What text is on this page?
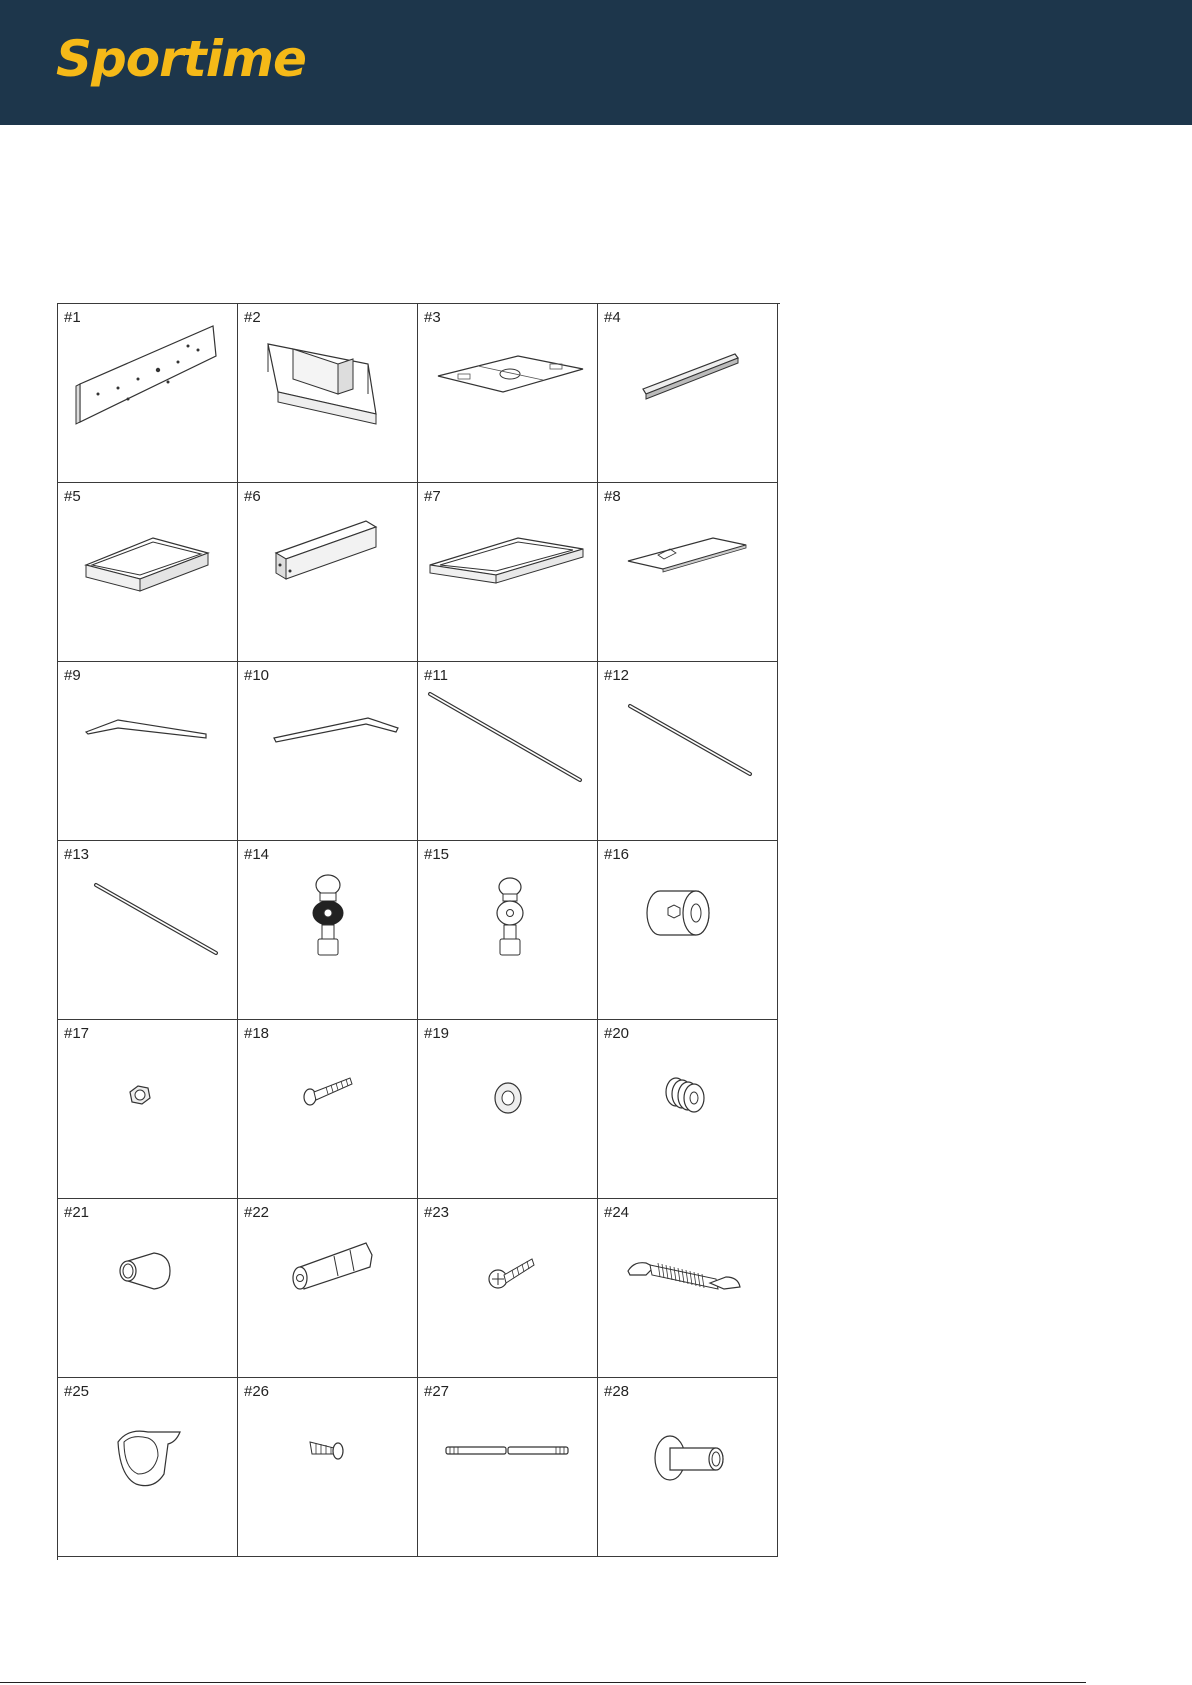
Sportime
#1	#2	#3	#4
#5	#6	#7	#8
#9	#10	#11	#12
#13	#14	#15	#16
#17	#18	#19	#20
#21	#22	#23	#24
#25	#26	#27	#28
